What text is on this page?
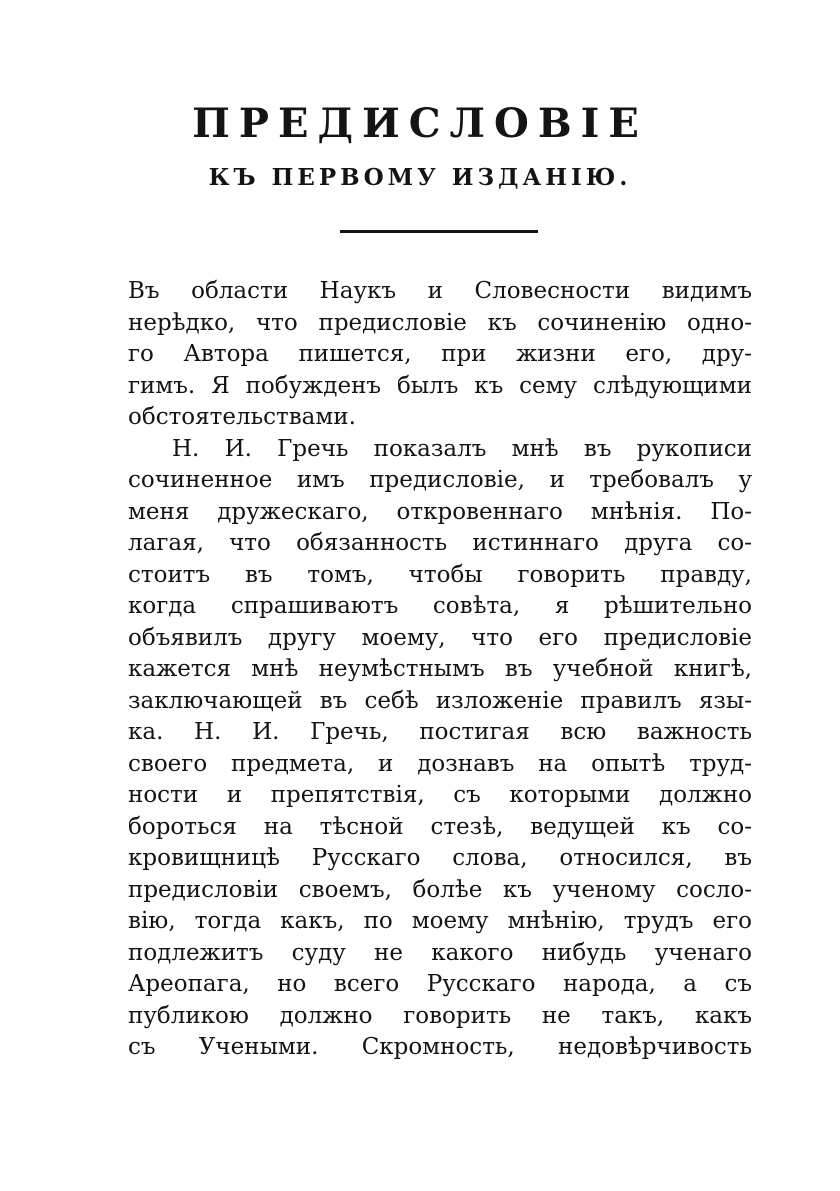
ПРЕДИСЛОВІЕ
КЪ ПЕРВОМУ ИЗДАНІЮ.
Въ области Наукъ и Словесности видимъ
нерѣдко, что предисловіе къ сочиненію одно-
го Автора пишется, при жизни его, дру-
гимъ. Я побужденъ былъ къ сему слѣдующими
обстоятельствами.
Н. И. Гречь показалъ мнѣ въ рукописи
сочиненное имъ предисловіе, и требовалъ у
меня дружескаго, откровеннаго мнѣнія. По-
лагая, что обязанность истиннаго друга со-
стоитъ въ томъ, чтобы говорить правду,
когда спрашиваютъ совѣта, я рѣшительно
объявилъ другу моему, что его предисловіе
кажется мнѣ неумѣстнымъ въ учебной книгѣ,
заключающей въ себѣ изложеніе правилъ язы-
ка. Н. И. Гречь, постигая всю важность
своего предмета, и дознавъ на опытѣ труд-
ности и препятствія, съ которыми должно
бороться на тѣсной стезѣ, ведущей къ со-
кровищницѣ Русскаго слова, относился, въ
предисловіи своемъ, болѣе къ ученому сосло-
вію, тогда какъ, по моему мнѣнію, трудъ его
подлежитъ суду не какого нибудь ученаго
Ареопага, но всего Русскаго народа, а съ
публикою должно говорить не такъ, какъ
съ Учеными. Скромность, недовѣрчивость
